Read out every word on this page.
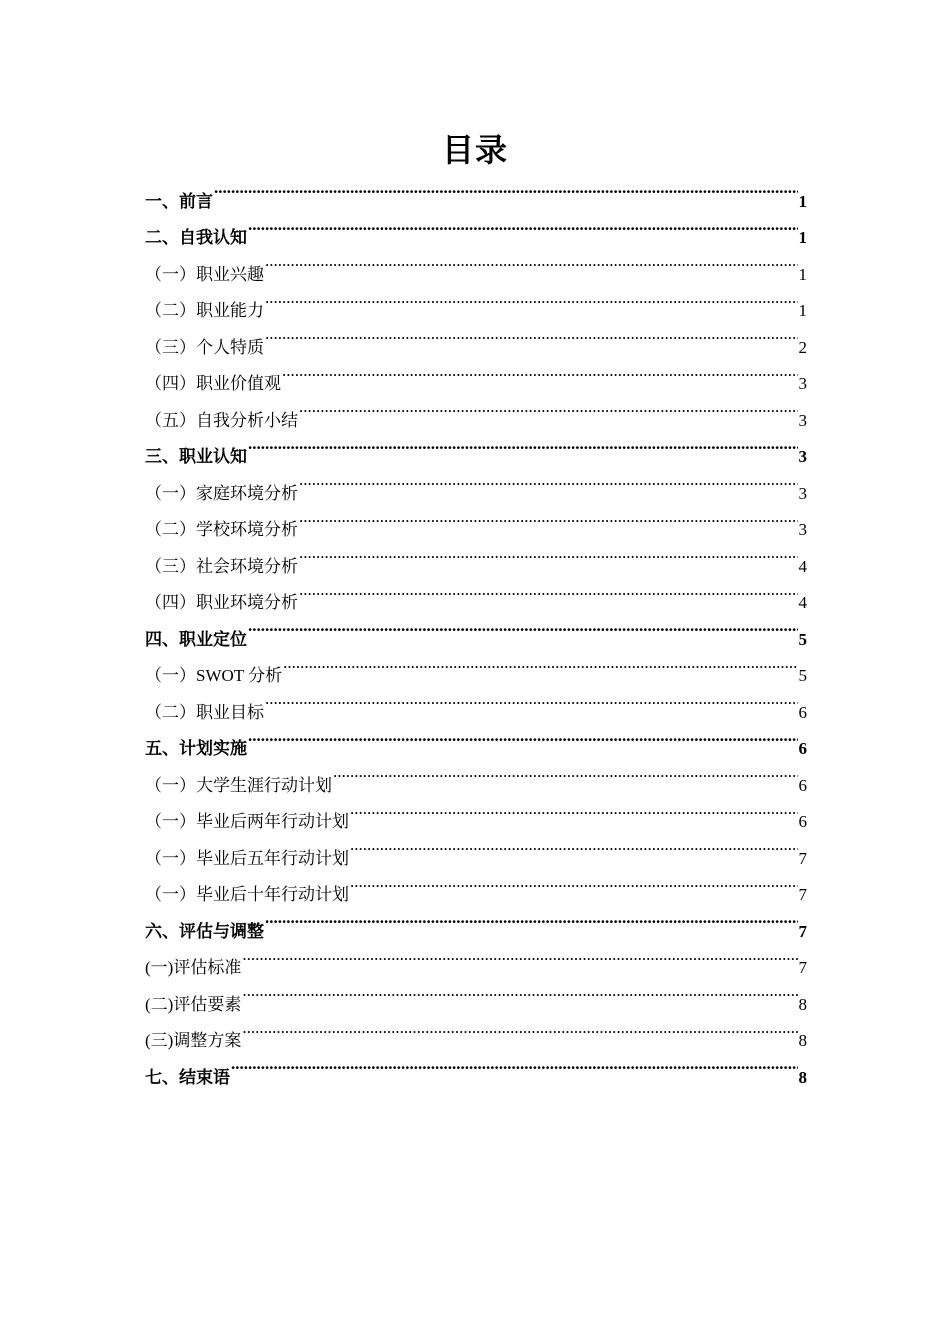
目录
一、前言 .....	1
二、自我认知 .....	1
（一）职业兴趣 .....	1
（二）职业能力 .....	1
（三）个人特质 .....	2
（四）职业价值观 .....	3
（五）自我分析小结 .....	3
三、职业认知 .....	3
（一）家庭环境分析 .....	3
（二）学校环境分析 .....	3
（三）社会环境分析 .....	4
（四）职业环境分析 .....	4
四、职业定位 .....	5
（一）SWOT 分析 .....	5
（二）职业目标 .....	6
五、计划实施 .....	6
（一）大学生涯行动计划 .....	6
（一）毕业后两年行动计划 .....	6
（一）毕业后五年行动计划 .....	7
（一）毕业后十年行动计划 .....	7
六、评估与调整 .....	7
(一)评估标准 .....	7
(二)评估要素 .....	8
(三)调整方案 .....	8
七、结束语 .....	8
